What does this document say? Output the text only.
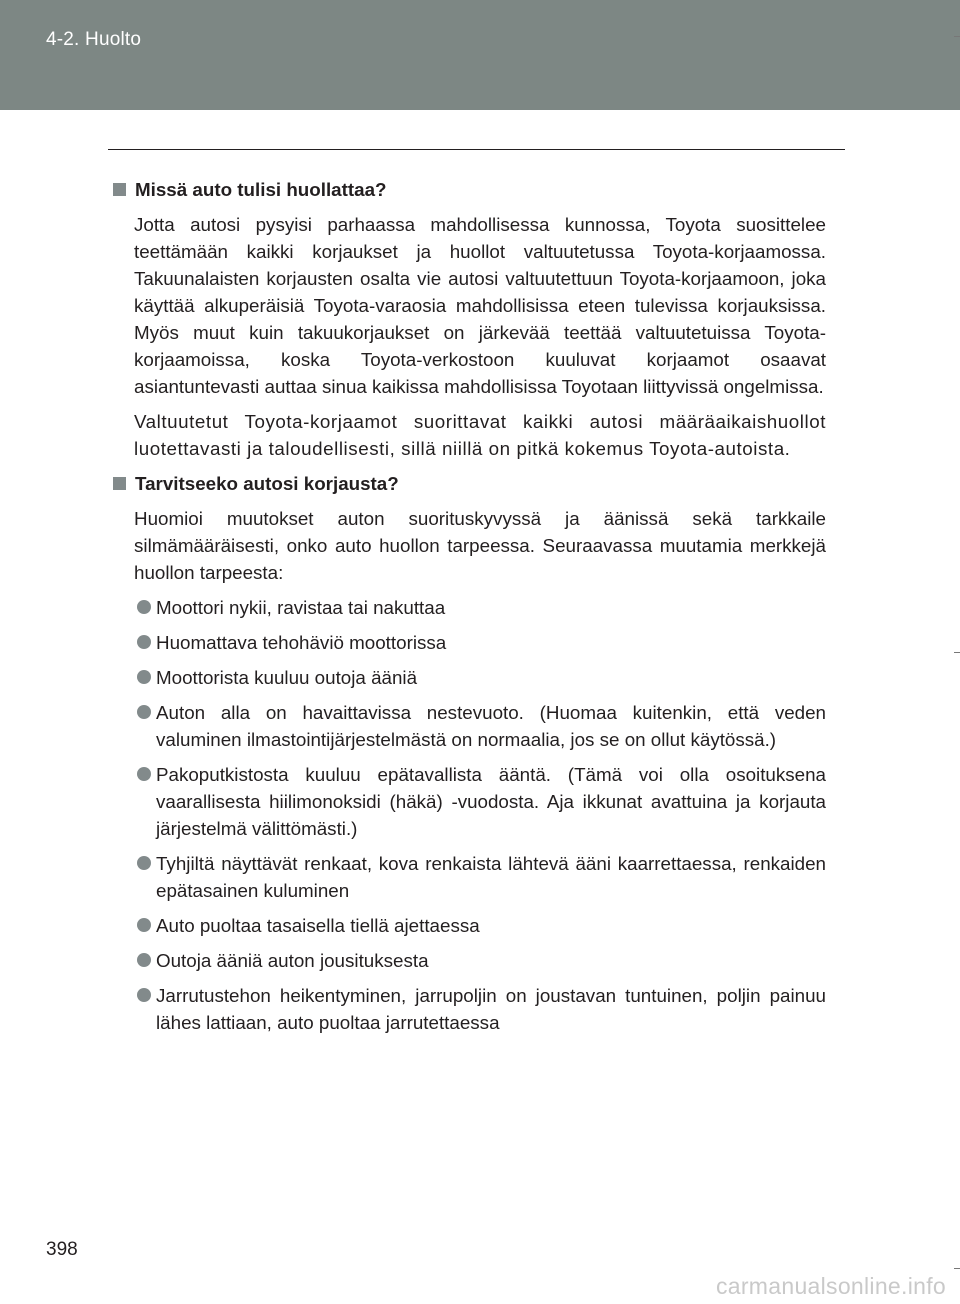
4-2. Huolto
Missä auto tulisi huollattaa?
Jotta autosi pysyisi parhaassa mahdollisessa kunnossa, Toyota suosittelee teettämään kaikki korjaukset ja huollot valtuutetussa Toyota-korjaamossa. Takuunalaisten korjausten osalta vie autosi valtuutettuun Toyota-korjaamoon, joka käyttää alkuperäisiä Toyota-varaosia mahdollisissa eteen tulevissa korjauksissa. Myös muut kuin takuukorjaukset on järkevää teettää valtuutetuissa Toyota-korjaamoissa, koska Toyota-verkostoon kuuluvat korjaamot osaavat asiantuntevasti auttaa sinua kaikissa mahdollisissa Toyotaan liittyvissä ongelmissa.
Valtuutetut Toyota-korjaamot suorittavat kaikki autosi määräaikaishuollot luotettavasti ja taloudellisesti, sillä niillä on pitkä kokemus Toyota-autoista.
Tarvitseeko autosi korjausta?
Huomioi muutokset auton suorituskyvyssä ja äänissä sekä tarkkaile silmämääräisesti, onko auto huollon tarpeessa. Seuraavassa muutamia merkkejä huollon tarpeesta:
Moottori nykii, ravistaa tai nakuttaa
Huomattava tehohäviö moottorissa
Moottorista kuuluu outoja ääniä
Auton alla on havaittavissa nestevuoto. (Huomaa kuitenkin, että veden valuminen ilmastointijärjestelmästä on normaalia, jos se on ollut käytössä.)
Pakoputkistosta kuuluu epätavallista ääntä. (Tämä voi olla osoituksena vaarallisesta hiilimonoksidi (häkä) -vuodosta. Aja ikkunat avattuina ja korjauta järjestelmä välittömästi.)
Tyhjiltä näyttävät renkaat, kova renkaista lähtevä ääni kaarrettaessa, renkaiden epätasainen kuluminen
Auto puoltaa tasaisella tiellä ajettaessa
Outoja ääniä auton jousituksesta
Jarrutustehon heikentyminen, jarrupoljin on joustavan tuntuinen, poljin painuu lähes lattiaan, auto puoltaa jarrutettaessa
398
carmanualsonline.info
